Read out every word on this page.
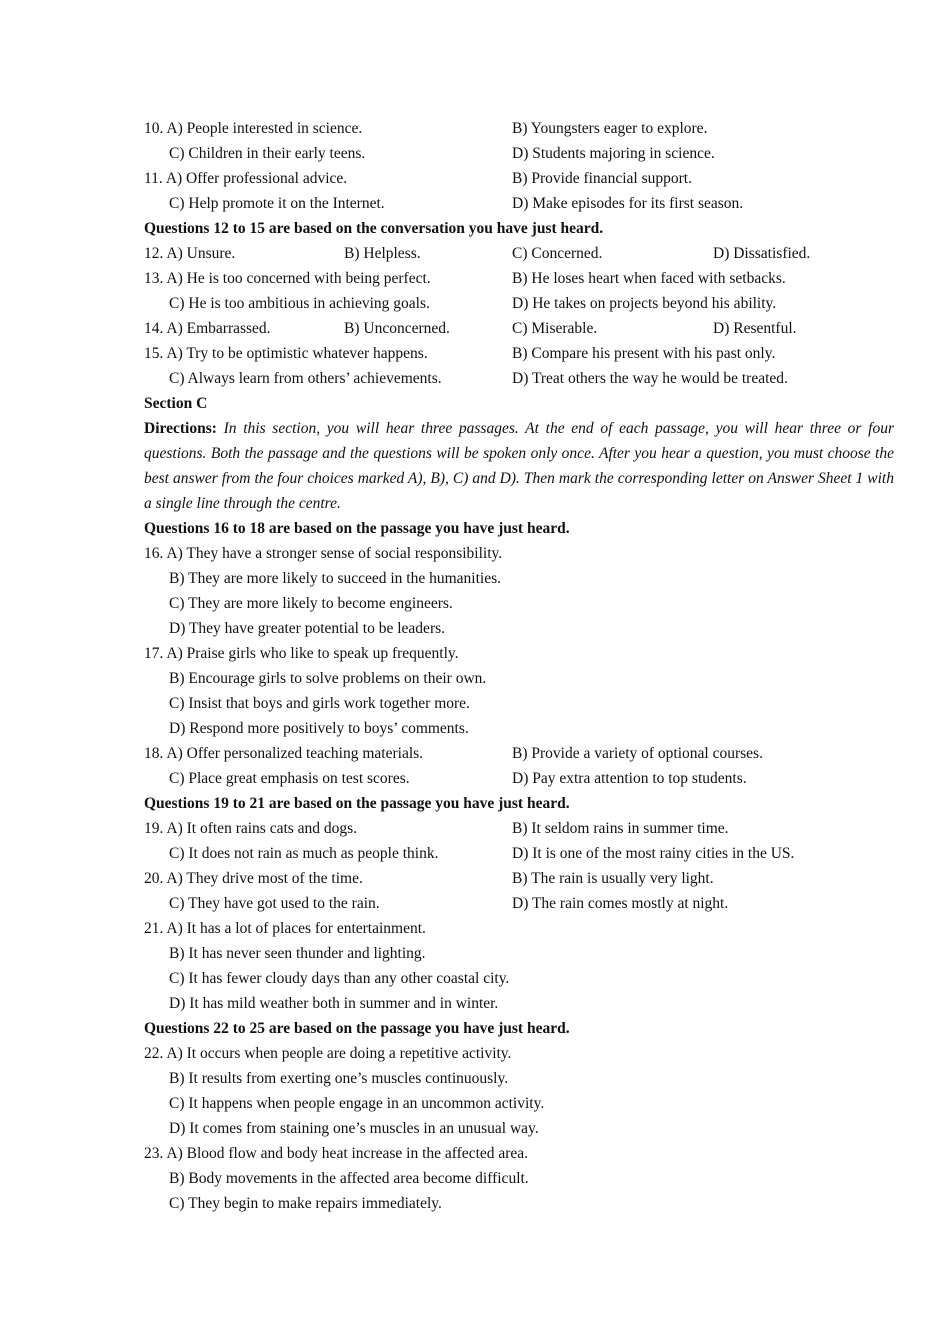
10. A) People interested in science.	B) Youngsters eager to explore.
C) Children in their early teens.	D) Students majoring in science.
11. A) Offer professional advice.	B) Provide financial support.
C) Help promote it on the Internet.	D) Make episodes for its first season.
Questions 12 to 15 are based on the conversation you have just heard.
12. A) Unsure.	B) Helpless.	C) Concerned.	D) Dissatisfied.
13. A) He is too concerned with being perfect.	B) He loses heart when faced with setbacks.
C) He is too ambitious in achieving goals.	D) He takes on projects beyond his ability.
14. A) Embarrassed.	B) Unconcerned.	C) Miserable.	D) Resentful.
15. A) Try to be optimistic whatever happens.	B) Compare his present with his past only.
C) Always learn from others’ achievements.	D) Treat others the way he would be treated.
Section C
Directions: In this section, you will hear three passages. At the end of each passage, you will hear three or four questions. Both the passage and the questions will be spoken only once. After you hear a question, you must choose the best answer from the four choices marked A), B), C) and D). Then mark the corresponding letter on Answer Sheet 1 with a single line through the centre.
Questions 16 to 18 are based on the passage you have just heard.
16. A) They have a stronger sense of social responsibility.
B) They are more likely to succeed in the humanities.
C) They are more likely to become engineers.
D) They have greater potential to be leaders.
17. A) Praise girls who like to speak up frequently.
B) Encourage girls to solve problems on their own.
C) Insist that boys and girls work together more.
D) Respond more positively to boys’ comments.
18. A) Offer personalized teaching materials.	B) Provide a variety of optional courses.
C) Place great emphasis on test scores.	D) Pay extra attention to top students.
Questions 19 to 21 are based on the passage you have just heard.
19. A) It often rains cats and dogs.	B) It seldom rains in summer time.
C) It does not rain as much as people think.	D) It is one of the most rainy cities in the US.
20. A) They drive most of the time.	B) The rain is usually very light.
C) They have got used to the rain.	D) The rain comes mostly at night.
21. A) It has a lot of places for entertainment.
B) It has never seen thunder and lighting.
C) It has fewer cloudy days than any other coastal city.
D) It has mild weather both in summer and in winter.
Questions 22 to 25 are based on the passage you have just heard.
22. A) It occurs when people are doing a repetitive activity.
B) It results from exerting one’s muscles continuously.
C) It happens when people engage in an uncommon activity.
D) It comes from staining one’s muscles in an unusual way.
23. A) Blood flow and body heat increase in the affected area.
B) Body movements in the affected area become difficult.
C) They begin to make repairs immediately.
